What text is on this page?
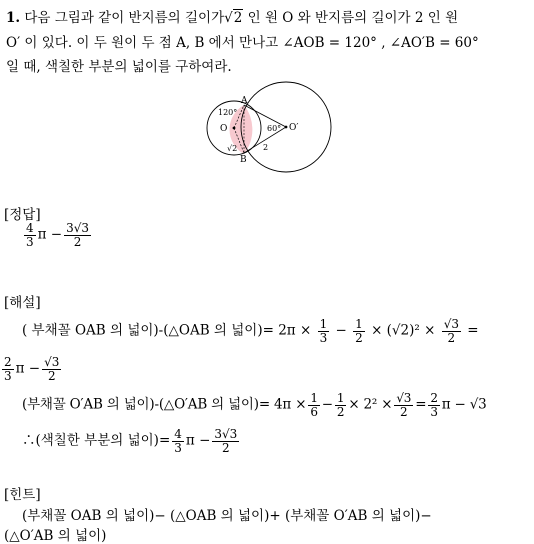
1. 다음 그림과 같이 반지름의 길이가√2 인 원 O 와 반지름의 길이가 2 인 원
O′ 이 있다. 이 두 원이 두 점 A, B 에서 만나고 ∠AOB = 120° , ∠AO′B = 60°
일 때, 색칠한 부분의 넓이를 구하여라.
A
B
O	O′
120°
60°
√2	2
[정답]
$\frac{4}{3}$ $\pi - \frac{3√3}{2}$
[해설]
( 부채꼴 OAB 의 넓이)-(△OAB 의 넓이)= $2\pi \times \frac{1}{3} - \frac{1}{2} \times (√2)^2 \times \frac{√3}{2}$ =
$\frac{2}{3}$ $\pi - \frac{√3}{2}$
(부채꼴 O′AB 의 넓이)-(△O′AB 의 넓이)= $4\pi \times \frac{1}{6} - \frac{1}{2} \times 2^2 \times \frac{√3}{2} = \frac{2}{3}$ π − √3
∴(색칠한 부분의 넓이)= $\frac{4}{3}$ $\pi - \frac{3√3}{2}$
[힌트]
(부채꼴 OAB 의 넓이)− (△OAB 의 넓이)+ (부채꼴 O′AB 의 넓이)−
(△O′AB 의 넓이)
